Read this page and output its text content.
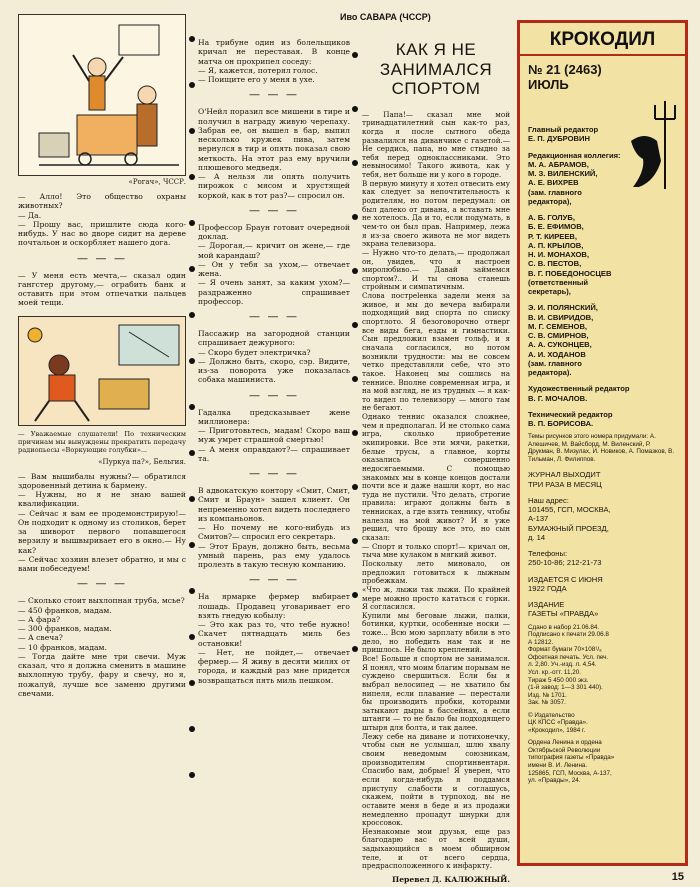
Иво САВАРА (ЧССР)
«Рогач», ЧССР.

— Алло! Это общество охраны животных?
— Да.
— Прошу вас, пришлите сюда кого-нибудь. У нас во дворе сидит на дереве почтальон и оскорбляет нашего дога.

— — —

— У меня есть мечта,— сказал один гангстер другому,— ограбить банк и оставить при этом отпечатки пальцев моей тещи.

— Уважаемые слушатели! По техническим причинам мы вынуждены прекратить передачу радиопьесы «Воркующие голубки»...

«Пуркуа па?», Бельгия.

— Вам вышибалы нужны?— обратился здоровенный детина к бармену.
— Нужны, но я не знаю вашей квалификации.
— Сейчас я вам ее продемонстрирую!— Он подходит к одному из столиков, берет за шиворот первого попавшегося верзилу и вышвыривает его в окно.— Ну как?
— Сейчас хозяин влезет обратно, и мы с вами побеседуем!

— — —

— Сколько стоит выхлопная труба, мсье?
— 450 франков, мадам.
— А фара?
— 300 франков, мадам.
— А свеча?
— 10 франков, мадам.
— Тогда дайте мне три свечи. Муж сказал, что я должна сменить в машине выхлопную трубу, фару и свечу, но я, пожалуй, лучше все заменю другими свечами.

На трибуне один из болельщиков кричал не переставая. В конце матча он прохрипел соседу:
— Я, кажется, потерял голос.
— Поищите его у меня в ухе.

— — —

О'Нейл поразил все мишени в тире и получил в награду живую черепаху. Забрав ее, он вышел в бар, выпил несколько кружек пива, затем вернулся в тир и опять показал свою меткость. На этот раз ему вручили плюшевого медведя.
— А нельзя ли опять получить пирожок с мясом и хрустящей коркой, как в тот раз?— спросил он.

— — —

Профессор Браун готовит очередной доклад.
— Дорогая,— кричит он жене,— где мой карандаш?
— Он у тебя за ухом,— отвечает жена.
— Я очень занят, за каким ухом?— раздраженно спрашивает профессор.

— — —

Пассажир на загородной станции спрашивает дежурного:
— Скоро будет электричка?
— Должно быть, скоро, сэр. Видите, из-за поворота уже показалась собака машиниста.

— — —

Гадалка предсказывает жене миллионера:
— Приготовьтесь, мадам! Скоро ваш муж умрет страшной смертью!
— А меня оправдают?— спрашивает та.

— — —

В адвокатскую контору «Смит, Смит, Смит и Браун» зашел клиент. Он непременно хотел видеть последнего из компаньонов.
— Но почему не кого-нибудь из Смитов?— спросил его секретарь.
— Этот Браун, должно быть, весьма умный парень, раз ему удалось пролезть в такую тесную компанию.

— — —

На ярмарке фермер выбирает лошадь. Продавец уговаривает его взять гнедую кобылу:
— Это как раз то, что тебе нужно! Скачет пятнадцать миль без остановки!
— Нет, не пойдет,— отвечает фермер.— Я живу в десяти милях от города, и каждый раз мне придется возвращаться пять миль пешком.

КАК Я НЕ ЗАНИМАЛСЯ СПОРТОМ

— Папа!— сказал мне мой тринадцатилетний сын как-то раз, когда я после сытного обеда развалился на диванчике с газетой.— Не сердись, папа, но мне стыдно за тебя перед одноклассниками. Это невыносимо! Такого живота, как у тебя, нет больше ни у кого в городе.

В первую минуту я хотел отвесить ему как следует за непочтительность к родителям, но потом передумал: он был далеко от дивана, а вставать мне не хотелось. Да и то, если подумать, в чем-то он был прав. Например, лежа я из-за своего живота не мог видеть экрана телевизора.

— Нужно что-то делать,— продолжал он, увидев, что я настроен миролюбиво.— Давай займемся спортом?.. И ты снова станешь стройным и симпатичным.

Слова пострelенка задели меня за живое, и мы до вечера выбирали подходящий вид спорта по списку спортлото. Я безоговорочно отверг все виды бега, езды и гимнастики. Сын предложил взамен гольф, и я сначала согласился, но потом возникли трудности: мы не совсем четко представляли себе, что это такое. Наконец мы сошлись на теннисе. Вполне современная игра, и на мой взгляд, не из трудных — я как-то видел по телевизору — много там не бегают.

Однако теннис оказался сложнее, чем я предполагал. И не столько сама игра, сколько приобретение экипировки. Все эти мячи, ракетки, белые трусы, а главное, корты оказались совершенно недосягаемыми. С помощью знакомых мы в конце концов достали почти все и даже нашли корт, но нас туда не пустили. Что делать, строгие правила: играют должны быть в теннисках, а где взять теннику, чтобы налезла на мой живот? И я уже решил, что брошу все это, но сын сказал:

— Спорт и только спорт!— кричал он, тыча мне кулаком в мягкий живот.

Поскольку лето миновало, он предложил готовиться к лыжным пробежкам.

«Что ж, лыжи так лыжи. По крайней мере можно просто кататься с горки. Я согласился.

Купили мы беговые лыжи, палки, ботинки, куртки, особенные носки — тоже... Всю мою зарплату вбили в это дело, но победить нам так и не пришлось. Не было креплений.

Все! Больше я спортом не занимался. Я понял, что моим благим порывам не суждено свершиться. Если бы я выбрал велосипед — не хватило бы нипеля, если плавание — перестали бы производить пробки, которыми затыкают дыры в бассейнах, а если штанги — то не было бы подходящего штыря для болта, и так далее.

Лежу себе на диване и потихонечку, чтобы сын не услышал, шлю хвалу своим неведомым союзникам, производителям спортинвентаря. Спасибо вам, добрые! Я уверен, что если когда-нибудь я поддамся приступу слабости и соглашусь, скажем, пойти в турпоход, вы не оставите меня в беде и из продажи немедленно пропадут шнурки для кроссовок.

Незнакомые мои друзья, еще раз благодарю вас от всей души, задыхающийся в моем обширном теле, и от всего сердца, предрасположенного к инфаркту.

Перевел Д. КАЛЮЖНЫЙ.
КРОКОДИЛ
№ 21 (2463)
ИЮЛЬ
Главный редактор
Е. П. ДУБРОВИН
Редакционная коллегия:
М. А. АБРАМОВ,
М. З. ВИЛЕНСКИЙ,
А. Е. ВИХРЕВ
(зам. главного
редактора),
А. Б. ГОЛУБ,
Б. Е. ЕФИМОВ,
Р. Т. КИРЕЕВ,
А. П. КРЫЛОВ,
Н. И. МОНАХОВ,
С. В. ПЕСТОВ,
В. Г. ПОБЕДОНОСЦЕВ
(ответственный
секретарь),
Э. И. ПОЛЯНСКИЙ,
В. И. СВИРИДОВ,
М. Г. СЕМЕНОВ,
С. В. СМИРНОВ,
А. А. СУКОНЦЕВ,
А. И. ХОДАНОВ
(зам. главного
редактора).
Художественный редактор
В. Г. МОЧАЛОВ.
Технический редактор
В. П. БОРИСОВА.
Темы рисунков этого номера придумали: А. Алешичев, М. Вайсборд, М. Виленский, Р. Друкман, В. Мизулах, И. Новиков, А. Помазков, В. Тильман, Л. Филиппов.
ЖУРНАЛ ВЫХОДИТ
ТРИ РАЗА В МЕСЯЦ
Наш адрес:
101455, ГСП, МОСКВА,
А-137
БУМАЖНЫЙ ПРОЕЗД,
д. 14
Телефоны:
250-10-86; 212-21-73
ИЗДАЕТСЯ С ИЮНЯ
1922 ГОДА
ИЗДАНИЕ
ГАЗЕТЫ «ПРАВДА»
Сдано в набор 21.06.84.
Подписано к печати 29.06.8
А 12812.
Формат бумаги 70×108¹/₈
Офсетная печать. Усл. печ.
л. 2,80. Уч.-изд. л. 4,54.
Усл. кр.-отт. 11,20.
Тираж 5 450 000 экз.
(1-й завод: 1—3 301 440).
Изд. № 1701.
Зак. № 3057.
© Издательство
ЦК КПСС «Правда».
«Крокодил», 1984 г.
Ордена Ленина и ордена
Октябрьской Революции
типография газеты «Правда»
имени В. И. Ленина.
125865, ГСП, Москва, А-137,
ул. «Правды», 24.
15
